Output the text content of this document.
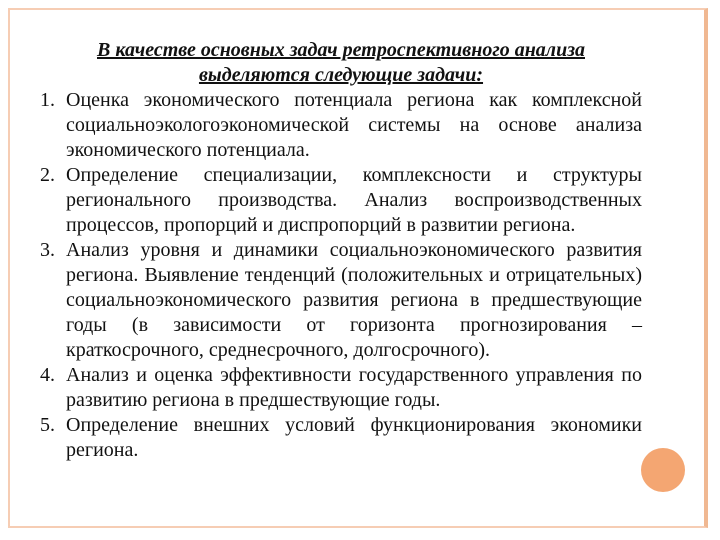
В качестве основных задач ретроспективного анализа
выделяются следующие задачи:
1. Оценка экономического потенциала региона как комплексной социальноэкологоэкономической системы на основе анализа экономического потенциала.
2. Определение специализации, комплексности и структуры регионального производства. Анализ воспроизводственных процессов, пропорций и диспропорций в развитии региона.
3. Анализ уровня и динамики социальноэкономического развития региона. Выявление тенденций (положительных и отрицательных) социальноэкономического развития региона в предшествующие годы (в зависимости от горизонта прогнозирования – краткосрочного, среднесрочного, долгосрочного).
4. Анализ и оценка эффективности государственного управления по развитию региона в предшествующие годы.
5. Определение внешних условий функционирования экономики региона.
